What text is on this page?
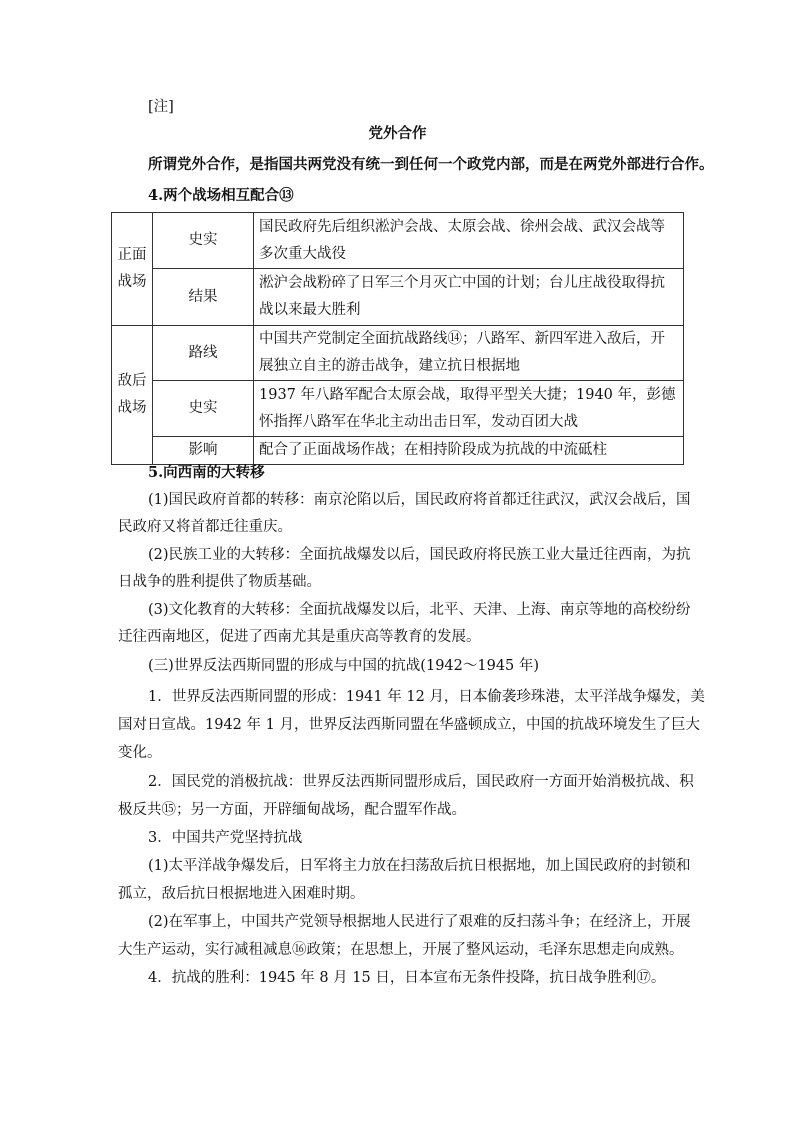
[注]
党外合作
所谓党外合作，是指国共两党没有统一到任何一个政党内部，而是在两党外部进行合作。
4.两个战场相互配合⑬
正面战场	史实	国民政府先后组织淞沪会战、太原会战、徐州会战、武汉会战等多次重大战役
	结果	淞沪会战粉碎了日军三个月灭亡中国的计划；台儿庄战役取得抗战以来最大胜利
敌后战场	路线	中国共产党制定全面抗战路线⑭；八路军、新四军进入敌后，开展独立自主的游击战争，建立抗日根据地
	史实	1937 年八路军配合太原会战，取得平型关大捷；1940 年，彭德怀指挥八路军在华北主动出击日军，发动百团大战
	影响	配合了正面战场作战；在相持阶段成为抗战的中流砥柱
5.向西南的大转移
(1)国民政府首都的转移：南京沦陷以后，国民政府将首都迁往武汉，武汉会战后，国
民政府又将首都迁往重庆。
(2)民族工业的大转移：全面抗战爆发以后，国民政府将民族工业大量迁往西南，为抗
日战争的胜利提供了物质基础。
(3)文化教育的大转移：全面抗战爆发以后，北平、天津、上海、南京等地的高校纷纷
迁往西南地区，促进了西南尤其是重庆高等教育的发展。
(三)世界反法西斯同盟的形成与中国的抗战(1942～1945 年)
1．世界反法西斯同盟的形成：1941 年 12 月，日本偷袭珍珠港，太平洋战争爆发，美
国对日宣战。1942 年 1 月，世界反法西斯同盟在华盛顿成立，中国的抗战环境发生了巨大
变化。
2．国民党的消极抗战：世界反法西斯同盟形成后，国民政府一方面开始消极抗战、积
极反共⑮；另一方面，开辟缅甸战场，配合盟军作战。
3．中国共产党坚持抗战
(1)太平洋战争爆发后，日军将主力放在扫荡敌后抗日根据地，加上国民政府的封锁和
孤立，敌后抗日根据地进入困难时期。
(2)在军事上，中国共产党领导根据地人民进行了艰难的反扫荡斗争；在经济上，开展
大生产运动，实行减租减息⑯政策；在思想上，开展了整风运动，毛泽东思想走向成熟。
4．抗战的胜利：1945 年 8 月 15 日，日本宣布无条件投降，抗日战争胜利⑰。
